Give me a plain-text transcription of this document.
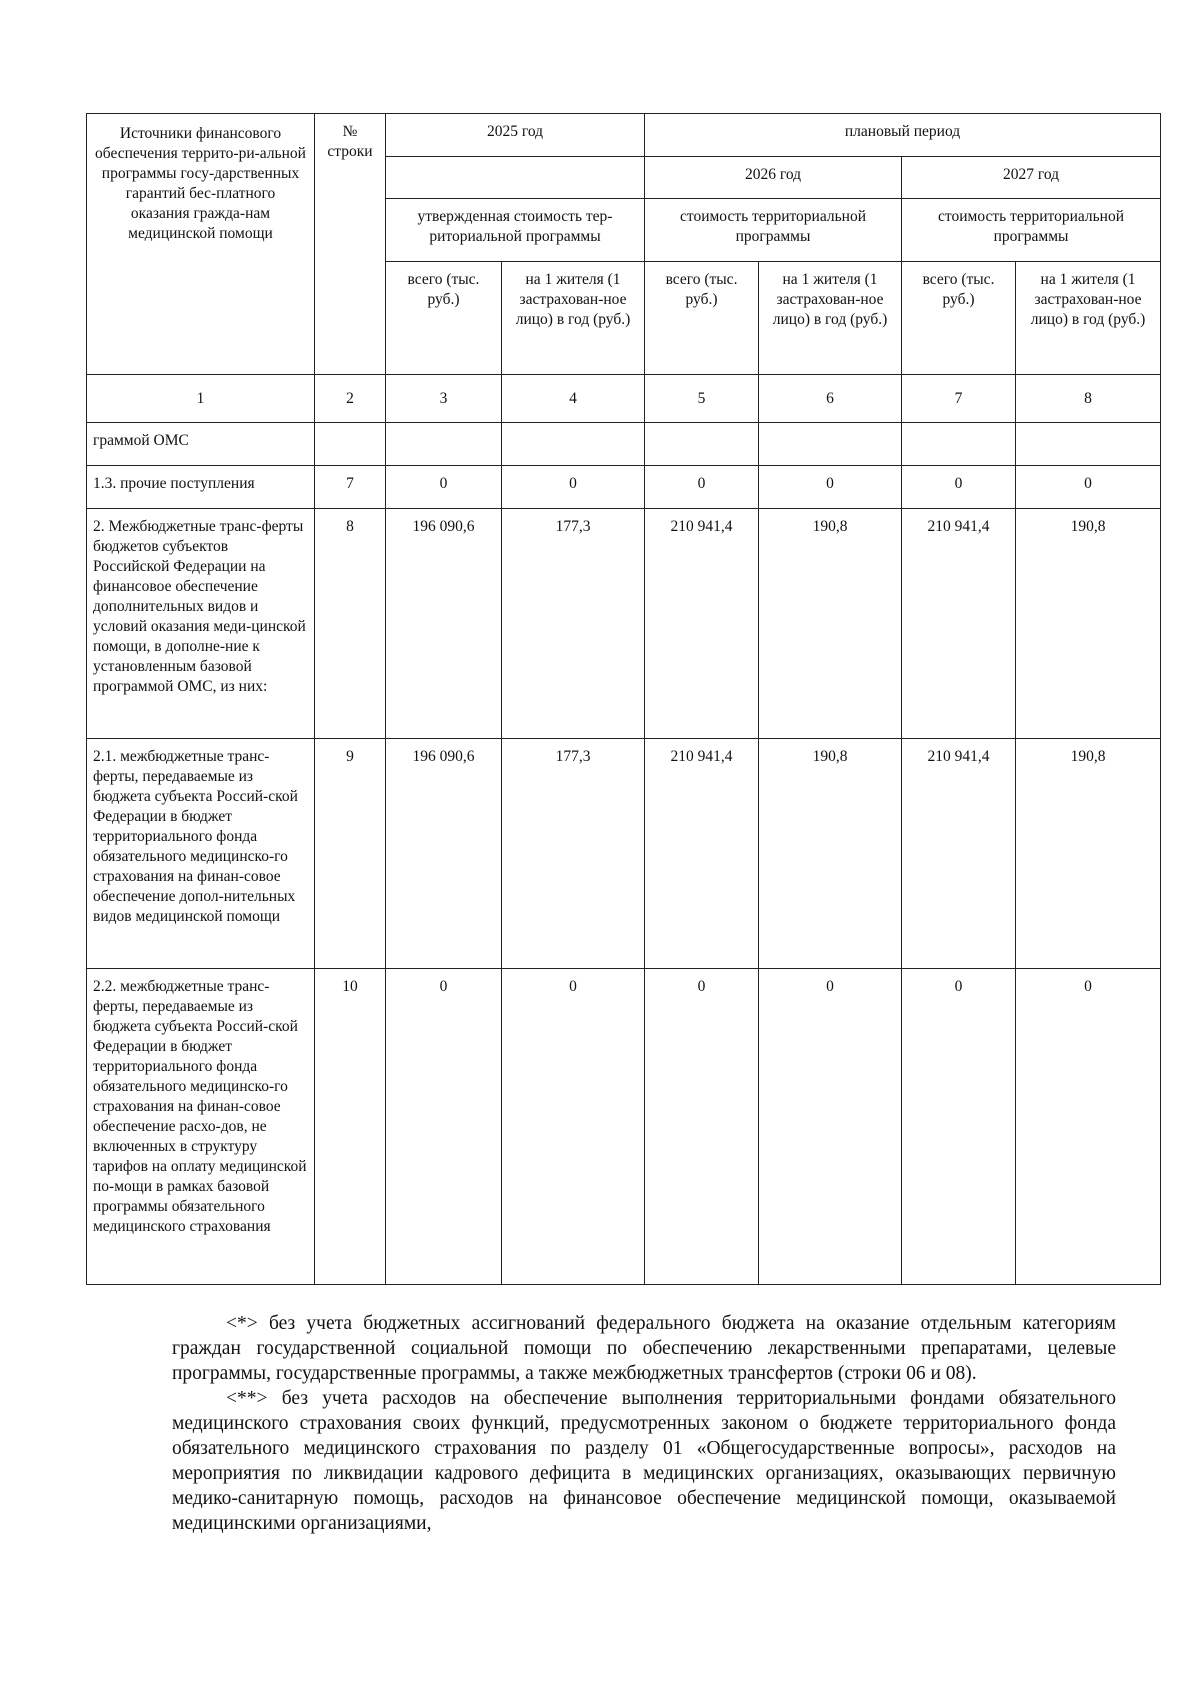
Источники финансового обеспечения террито-ри-альной программы госу-дарственных гарантий бес-платного оказания гражда-нам медицинской помощи	№ строки	2025 год		плановый период			
				2026 год		2027 год	
		утвержденная стоимость тер-риториальной программы		стоимость территориальной программы		стоимость территориальной программы	
		всего (тыс. руб.)	на 1 жителя (1 застрахован-ное лицо) в год (руб.)	всего (тыс. руб.)	на 1 жителя (1 застрахован-ное лицо) в год (руб.)	всего (тыс. руб.)	на 1 жителя (1 застрахован-ное лицо) в год (руб.)
1	2	3	4	5	6	7	8
граммой ОМС							
1.3. прочие поступления	7	0	0	0	0	0	0
2. Межбюджетные транс-ферты бюджетов субъектов Российской Федерации на финансовое обеспечение дополнительных видов и условий оказания меди-цинской помощи, в дополне-ние к установленным базовой программой ОМС, из них:	8	196 090,6	177,3	210 941,4	190,8	210 941,4	190,8
2.1. межбюджетные транс-ферты, передаваемые из бюджета субъекта Россий-ской Федерации в бюджет территориального фонда обязательного медицинско-го страхования на финан-совое обеспечение допол-нительных видов медицинской помощи	9	196 090,6	177,3	210 941,4	190,8	210 941,4	190,8
2.2. межбюджетные транс-ферты, передаваемые из бюджета субъекта Россий-ской Федерации в бюджет территориального фонда обязательного медицинско-го страхования на финан-совое обеспечение расхо-дов, не включенных в структуру тарифов на оплату медицинской по-мощи в рамках базовой программы обязательного медицинского страхования	10	0	0	0	0	0	0

<*> без учета бюджетных ассигнований федерального бюджета на оказание отдельным категориям граждан государственной социальной помощи по обеспечению лекарственными препаратами, целевые программы, государственные программы, а также межбюджетных трансфертов (строки 06 и 08).

<**> без учета расходов на обеспечение выполнения территориальными фондами обязательного медицинского страхования своих функций, предусмотренных законом о бюджете территориального фонда обязательного медицинского страхования по разделу 01 «Общегосударственные вопросы», расходов на мероприятия по ликвидации кадрового дефицита в медицинских организациях, оказывающих первичную медико-санитарную помощь, расходов на финансовое обеспечение медицинской помощи, оказываемой медицинскими организациями,
